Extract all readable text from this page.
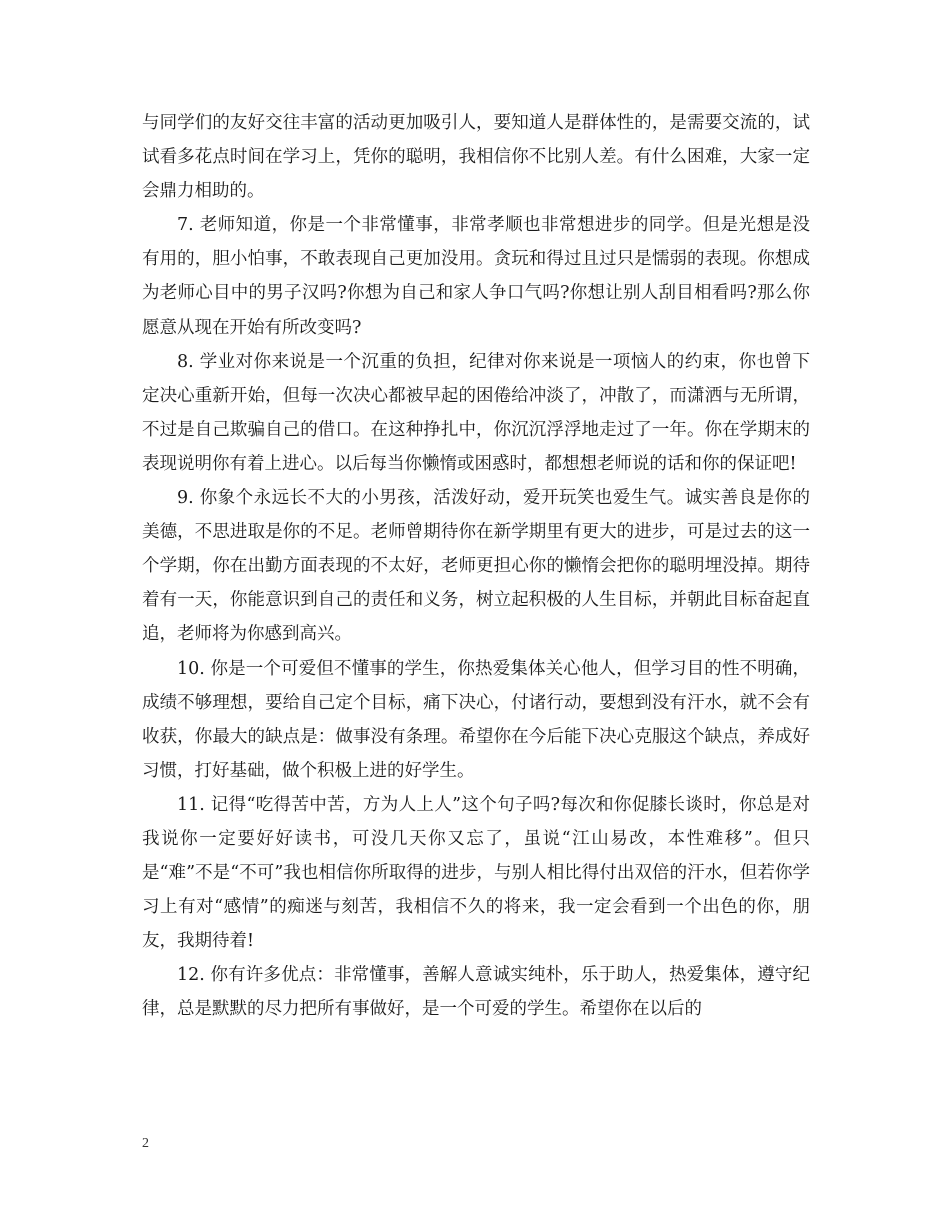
与同学们的友好交往丰富的活动更加吸引人，要知道人是群体性的，是需要交流的，试试看多花点时间在学习上，凭你的聪明，我相信你不比别人差。有什么困难，大家一定会鼎力相助的。

7. 老师知道，你是一个非常懂事，非常孝顺也非常想进步的同学。但是光想是没有用的，胆小怕事，不敢表现自己更加没用。贪玩和得过且过只是懦弱的表现。你想成为老师心目中的男子汉吗?你想为自己和家人争口气吗?你想让别人刮目相看吗?那么你愿意从现在开始有所改变吗?

8. 学业对你来说是一个沉重的负担，纪律对你来说是一项恼人的约束，你也曾下定决心重新开始，但每一次决心都被早起的困倦给冲淡了，冲散了，而潇洒与无所谓，不过是自己欺骗自己的借口。在这种挣扎中，你沉沉浮浮地走过了一年。你在学期末的表现说明你有着上进心。以后每当你懒惰或困惑时，都想想老师说的话和你的保证吧!

9. 你象个永远长不大的小男孩，活泼好动，爱开玩笑也爱生气。诚实善良是你的美德，不思进取是你的不足。老师曾期待你在新学期里有更大的进步，可是过去的这一个学期，你在出勤方面表现的不太好，老师更担心你的懒惰会把你的聪明埋没掉。期待着有一天，你能意识到自己的责任和义务，树立起积极的人生目标，并朝此目标奋起直追，老师将为你感到高兴。

10. 你是一个可爱但不懂事的学生，你热爱集体关心他人，但学习目的性不明确，成绩不够理想，要给自己定个目标，痛下决心，付诸行动，要想到没有汗水，就不会有收获，你最大的缺点是：做事没有条理。希望你在今后能下决心克服这个缺点，养成好习惯，打好基础，做个积极上进的好学生。

11. 记得“吃得苦中苦，方为人上人”这个句子吗?每次和你促膝长谈时，你总是对我说你一定要好好读书，可没几天你又忘了，虽说“江山易改，本性难移”。但只是“难”不是“不可”我也相信你所取得的进步，与别人相比得付出双倍的汗水，但若你学习上有对“感情”的痴迷与刻苦，我相信不久的将来，我一定会看到一个出色的你，朋友，我期待着!

12. 你有许多优点：非常懂事，善解人意诚实纯朴，乐于助人，热爱集体，遵守纪律，总是默默的尽力把所有事做好，是一个可爱的学生。希望你在以后的

2
